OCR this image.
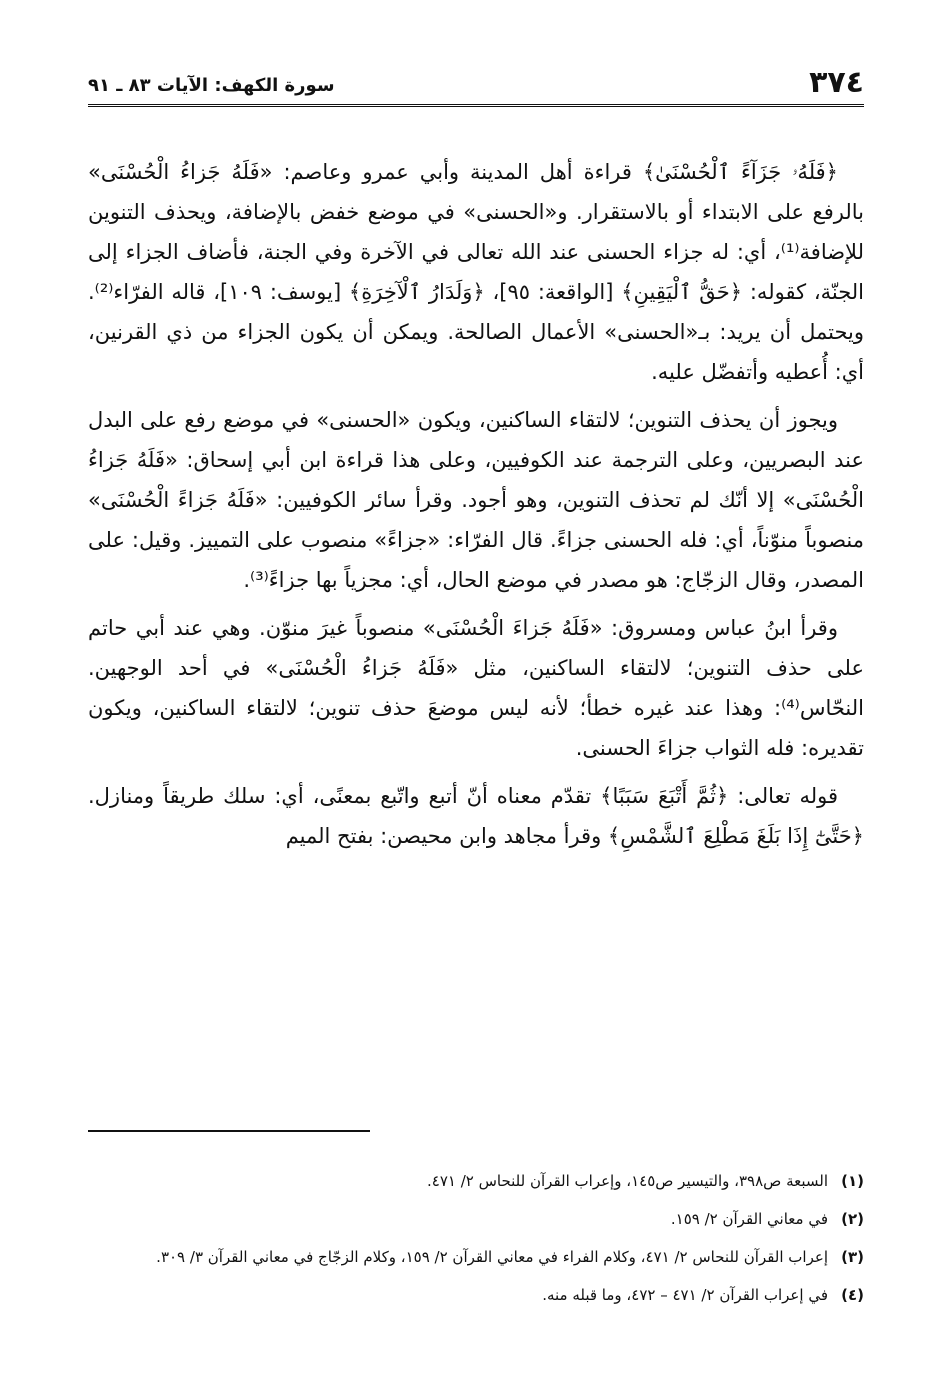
٣٧٤
سورة الكهف: الآيات ٨٣ ـ ٩١

﴿فَلَهُۥ جَزَآءً ٱلْحُسْنَىٰ﴾ قراءة أهل المدينة وأبي عمرو وعاصم: «فَلَهُ جَزاءُ الْحُسْنَى» بالرفع على الابتداء أو بالاستقرار. و«الحسنى» في موضع خفض بالإضافة، ويحذف التنوين للإضافة⁽¹⁾، أي: له جزاء الحسنى عند الله تعالى في الآخرة وفي الجنة، فأضاف الجزاء إلى الجنّة، كقوله: ﴿حَقُّ ٱلْيَقِينِ﴾ [الواقعة: ٩٥]، ﴿وَلَدَارُ ٱلْآخِرَةِ﴾ [يوسف: ١٠٩]، قاله الفرّاء⁽²⁾. ويحتمل أن يريد: بـ«الحسنى» الأعمال الصالحة. ويمكن أن يكون الجزاء من ذي القرنين، أي: أُعطيه وأتفضّل عليه.

ويجوز أن يحذف التنوين؛ لالتقاء الساكنين، ويكون «الحسنى» في موضع رفع على البدل عند البصريين، وعلى الترجمة عند الكوفيين، وعلى هذا قراءة ابن أبي إسحاق: «فَلَهُ جَزاءُ الْحُسْنَى» إلا أنّك لم تحذف التنوين، وهو أجود. وقرأ سائر الكوفيين: «فَلَهُ جَزاءً الْحُسْنَى» منصوباً منوّناً، أي: فله الحسنى جزاءً. قال الفرّاء: «جزاءً» منصوب على التمييز. وقيل: على المصدر، وقال الزجّاج: هو مصدر في موضع الحال، أي: مجزياً بها جزاءً⁽³⁾.

وقرأ ابنُ عباس ومسروق: «فَلَهُ جَزاءَ الْحُسْنَى» منصوباً غيرَ منوّن. وهي عند أبي حاتم على حذف التنوين؛ لالتقاء الساكنين، مثل «فَلَهُ جَزاءُ الْحُسْنَى» في أحد الوجهين. النحّاس⁽⁴⁾: وهذا عند غيره خطأ؛ لأنه ليس موضعَ حذف تنوين؛ لالتقاء الساكنين، ويكون تقديره: فله الثواب جزاءَ الحسنى.

قوله تعالى: ﴿ثُمَّ أَتْبَعَ سَبَبًا﴾ تقدّم معناه أنّ أتبع واتّبع بمعنًى، أي: سلك طريقاً ومنازل. ﴿حَتَّىٰٓ إِذَا بَلَغَ مَطْلِعَ ٱلشَّمْسِ﴾ وقرأ مجاهد وابن محيصن: بفتح الميم

(١)السبعة ص٣٩٨، والتيسير ص١٤٥، وإعراب القرآن للنحاس ٢/ ٤٧١.

(٢)في معاني القرآن ٢/ ١٥٩.

(٣)إعراب القرآن للنحاس ٢/ ٤٧١، وكلام الفراء في معاني القرآن ٢/ ١٥٩، وكلام الزجّاج في معاني القرآن ٣/ ٣٠٩.

(٤)في إعراب القرآن ٢/ ٤٧١ – ٤٧٢، وما قبله منه.
